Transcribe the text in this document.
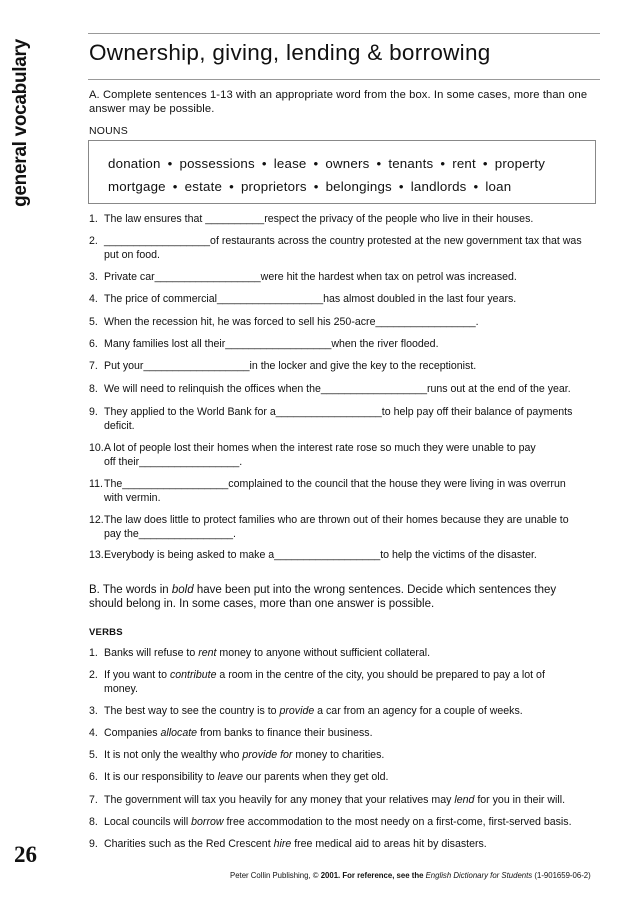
general vocabulary
26
Ownership, giving, lending & borrowing
A. Complete sentences 1-13 with an appropriate word from the box. In some cases, more than one answer may be possible.
NOUNS
donation • possessions • lease • owners • tenants • rent • property
mortgage • estate • proprietors • belongings • landlords • loan
1. The law ensures that __________respect the privacy of the people who live in their houses.
2. __________________of restaurants across the country protested at the new government tax that was
put on food.
3. Private car__________________were hit the hardest when tax on petrol was increased.
4. The price of commercial__________________has almost doubled in the last four years.
5. When the recession hit, he was forced to sell his 250-acre_________________.
6. Many families lost all their__________________when the river flooded.
7. Put your__________________in the locker and give the key to the receptionist.
8. We will need to relinquish the offices when the__________________runs out at the end of the year.
9. They applied to the World Bank for a__________________to help pay off their balance of payments
deficit.
10.A lot of people lost their homes when the interest rate rose so much they were unable to pay
off their_________________.
11.The__________________complained to the council that the house they were living in was overrun
with vermin.
12.The law does little to protect families who are thrown out of their homes because they are unable to
pay the________________.
13.Everybody is being asked to make a__________________to help the victims of the disaster.
B. The words in bold have been put into the wrong sentences. Decide which sentences they should belong in. In some cases, more than one answer is possible.
VERBS
1. Banks will refuse to rent money to anyone without sufficient collateral.
2. If you want to contribute a room in the centre of the city, you should be prepared to pay a lot of
money.
3. The best way to see the country is to provide a car from an agency for a couple of weeks.
4. Companies allocate from banks to finance their business.
5. It is not only the wealthy who provide for money to charities.
6. It is our responsibility to leave our parents when they get old.
7. The government will tax you heavily for any money that your relatives may lend for you in their will.
8. Local councils will borrow free accommodation to the most needy on a first-come, first-served basis.
9. Charities such as the Red Crescent hire free medical aid to areas hit by disasters.
Peter Collin Publishing, © 2001. For reference, see the English Dictionary for Students (1-901659-06-2)
